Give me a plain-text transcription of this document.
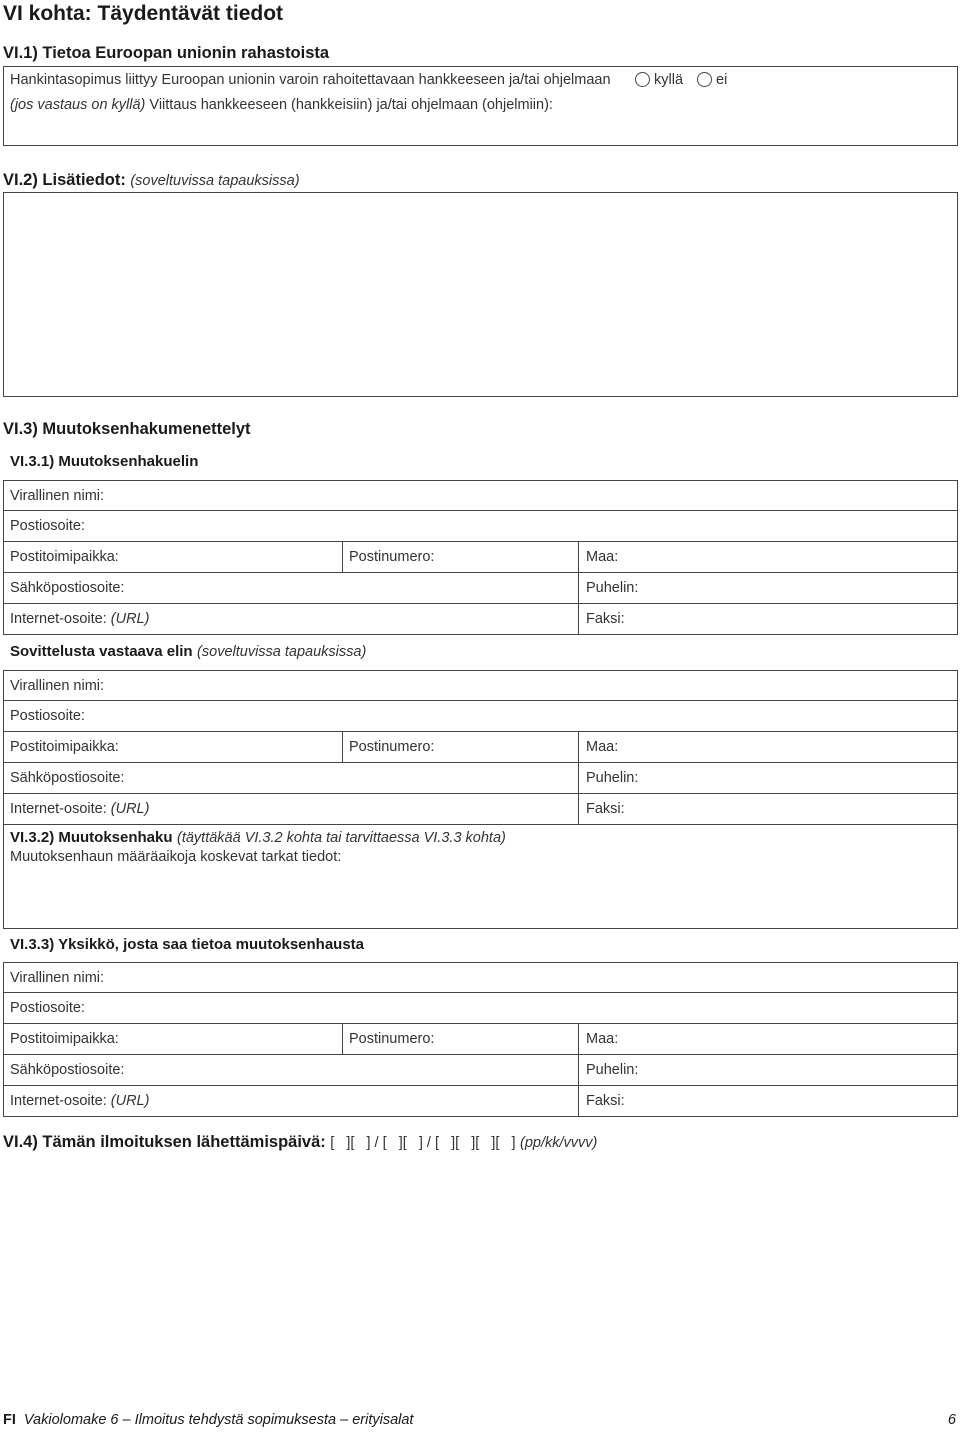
VI kohta: Täydentävät tiedot
VI.1) Tietoa Euroopan unionin rahastoista
Hankintasopimus liittyy Euroopan unionin varoin rahoitettavaan hankkeeseen ja/tai ohjelmaan	kyllä	ei
(jos vastaus on kyllä) Viittaus hankkeeseen (hankkeisiin) ja/tai ohjelmaan (ohjelmiin):
VI.2) Lisätiedot: (soveltuvissa tapauksissa)
VI.3) Muutoksenhakumenettelyt
VI.3.1) Muutoksenhakuelin
Virallinen nimi:
Postiosoite:
Postitoimipaikka:	Postinumero:	Maa:
Sähköpostiosoite:	Puhelin:
Internet-osoite: (URL)	Faksi:
Sovittelusta vastaava elin (soveltuvissa tapauksissa)
Virallinen nimi:
Postiosoite:
Postitoimipaikka:	Postinumero:	Maa:
Sähköpostiosoite:	Puhelin:
Internet-osoite: (URL)	Faksi:
VI.3.2) Muutoksenhaku (täyttäkää VI.3.2 kohta tai tarvittaessa VI.3.3 kohta)
Muutoksenhaun määräaikoja koskevat tarkat tiedot:
VI.3.3) Yksikkö, josta saa tietoa muutoksenhausta
Virallinen nimi:
Postiosoite:
Postitoimipaikka:	Postinumero:	Maa:
Sähköpostiosoite:	Puhelin:
Internet-osoite: (URL)	Faksi:
VI.4) Tämän ilmoituksen lähettämispäivä: [   ][   ] / [   ][   ] / [   ][   ][   ][   ] (pp/kk/vvvv)
FI Vakiolomake 6 – Ilmoitus tehdystä sopimuksesta – erityisalat	6
